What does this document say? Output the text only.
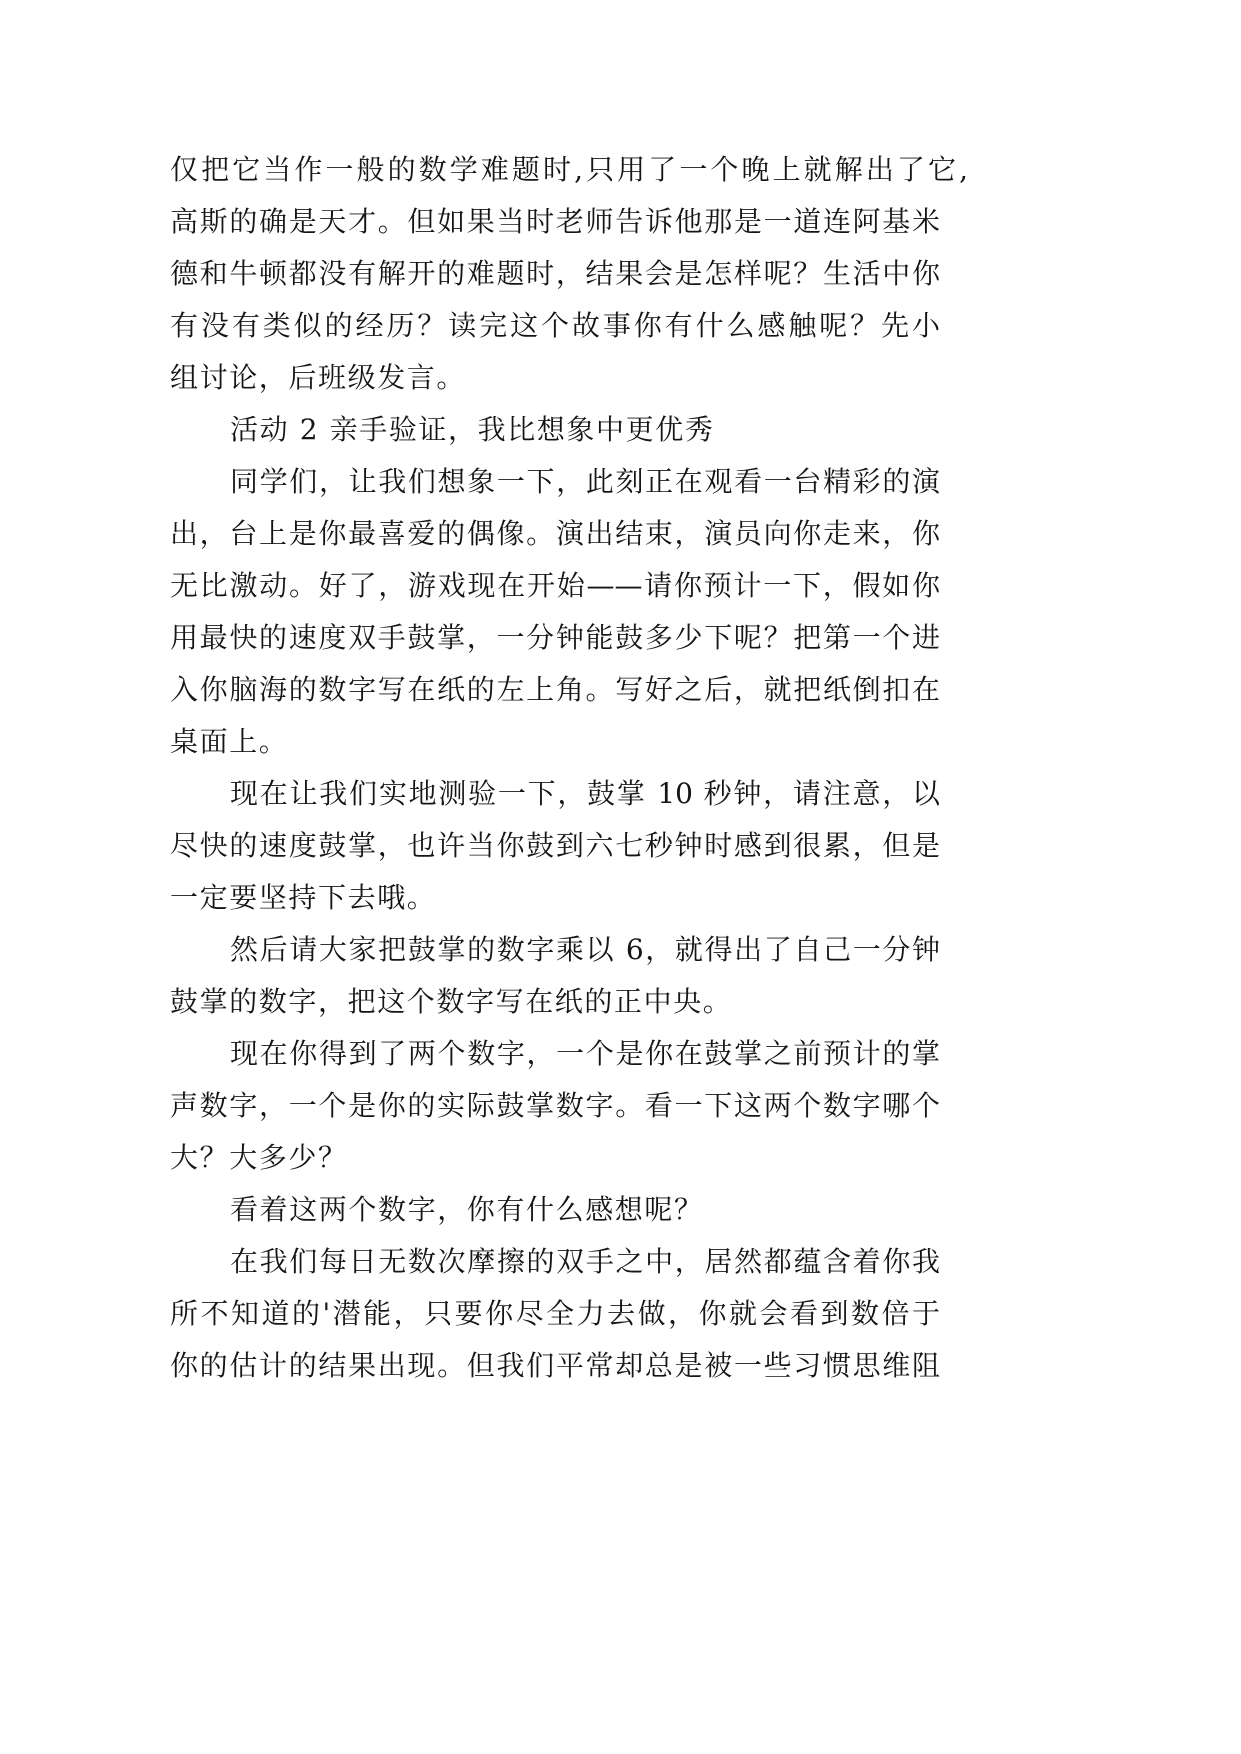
仅把它当作一般的数学难题时,只用了一个晚上就解出了它,
高斯的确是天才。但如果当时老师告诉他那是一道连阿基米
德和牛顿都没有解开的难题时，结果会是怎样呢？生活中你
有没有类似的经历？读完这个故事你有什么感触呢？先小
组讨论，后班级发言。
活动 2 亲手验证，我比想象中更优秀
同学们，让我们想象一下，此刻正在观看一台精彩的演
出，台上是你最喜爱的偶像。演出结束，演员向你走来，你
无比激动。好了，游戏现在开始——请你预计一下，假如你
用最快的速度双手鼓掌，一分钟能鼓多少下呢？把第一个进
入你脑海的数字写在纸的左上角。写好之后，就把纸倒扣在
桌面上。
现在让我们实地测验一下，鼓掌 10 秒钟，请注意，以
尽快的速度鼓掌，也许当你鼓到六七秒钟时感到很累，但是
一定要坚持下去哦。
然后请大家把鼓掌的数字乘以 6，就得出了自己一分钟
鼓掌的数字，把这个数字写在纸的正中央。
现在你得到了两个数字，一个是你在鼓掌之前预计的掌
声数字，一个是你的实际鼓掌数字。看一下这两个数字哪个
大？大多少？
看着这两个数字，你有什么感想呢？
在我们每日无数次摩擦的双手之中，居然都蕴含着你我
所不知道的'潜能，只要你尽全力去做，你就会看到数倍于
你的估计的结果出现。但我们平常却总是被一些习惯思维阻
